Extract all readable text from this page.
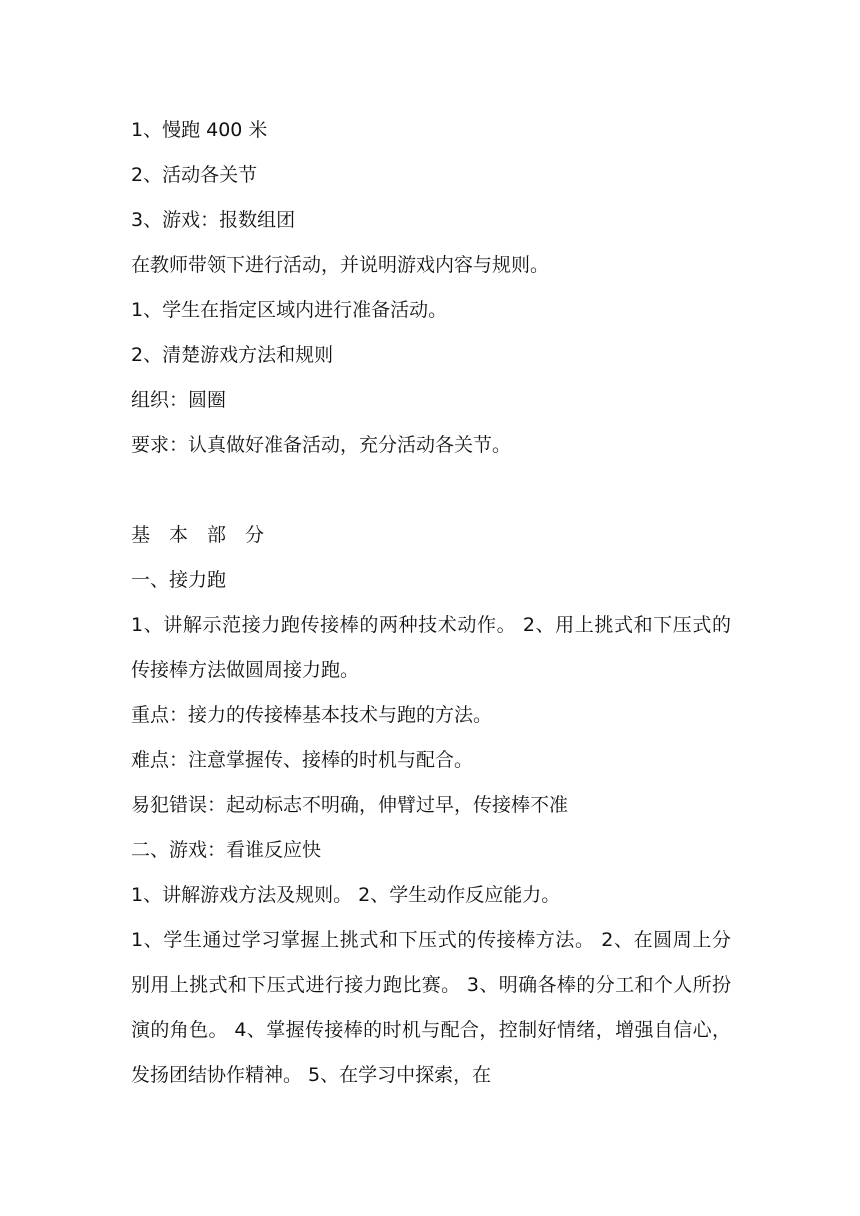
1、慢跑 400 米
2、活动各关节
3、游戏：报数组团
在教师带领下进行活动，并说明游戏内容与规则。
1、学生在指定区域内进行准备活动。
2、清楚游戏方法和规则
组织：圆圈
要求：认真做好准备活动，充分活动各关节。
基本部分
一、接力跑
1、讲解示范接力跑传接棒的两种技术动作。 2、用上挑式和下压式的传接棒方法做圆周接力跑。
重点：接力的传接棒基本技术与跑的方法。
难点：注意掌握传、接棒的时机与配合。
易犯错误：起动标志不明确，伸臂过早，传接棒不准
二、游戏：看谁反应快
1、讲解游戏方法及规则。 2、学生动作反应能力。
1、学生通过学习掌握上挑式和下压式的传接棒方法。 2、在圆周上分别用上挑式和下压式进行接力跑比赛。 3、明确各棒的分工和个人所扮演的角色。 4、掌握传接棒的时机与配合，控制好情绪，增强自信心，发扬团结协作精神。 5、在学习中探索，在
